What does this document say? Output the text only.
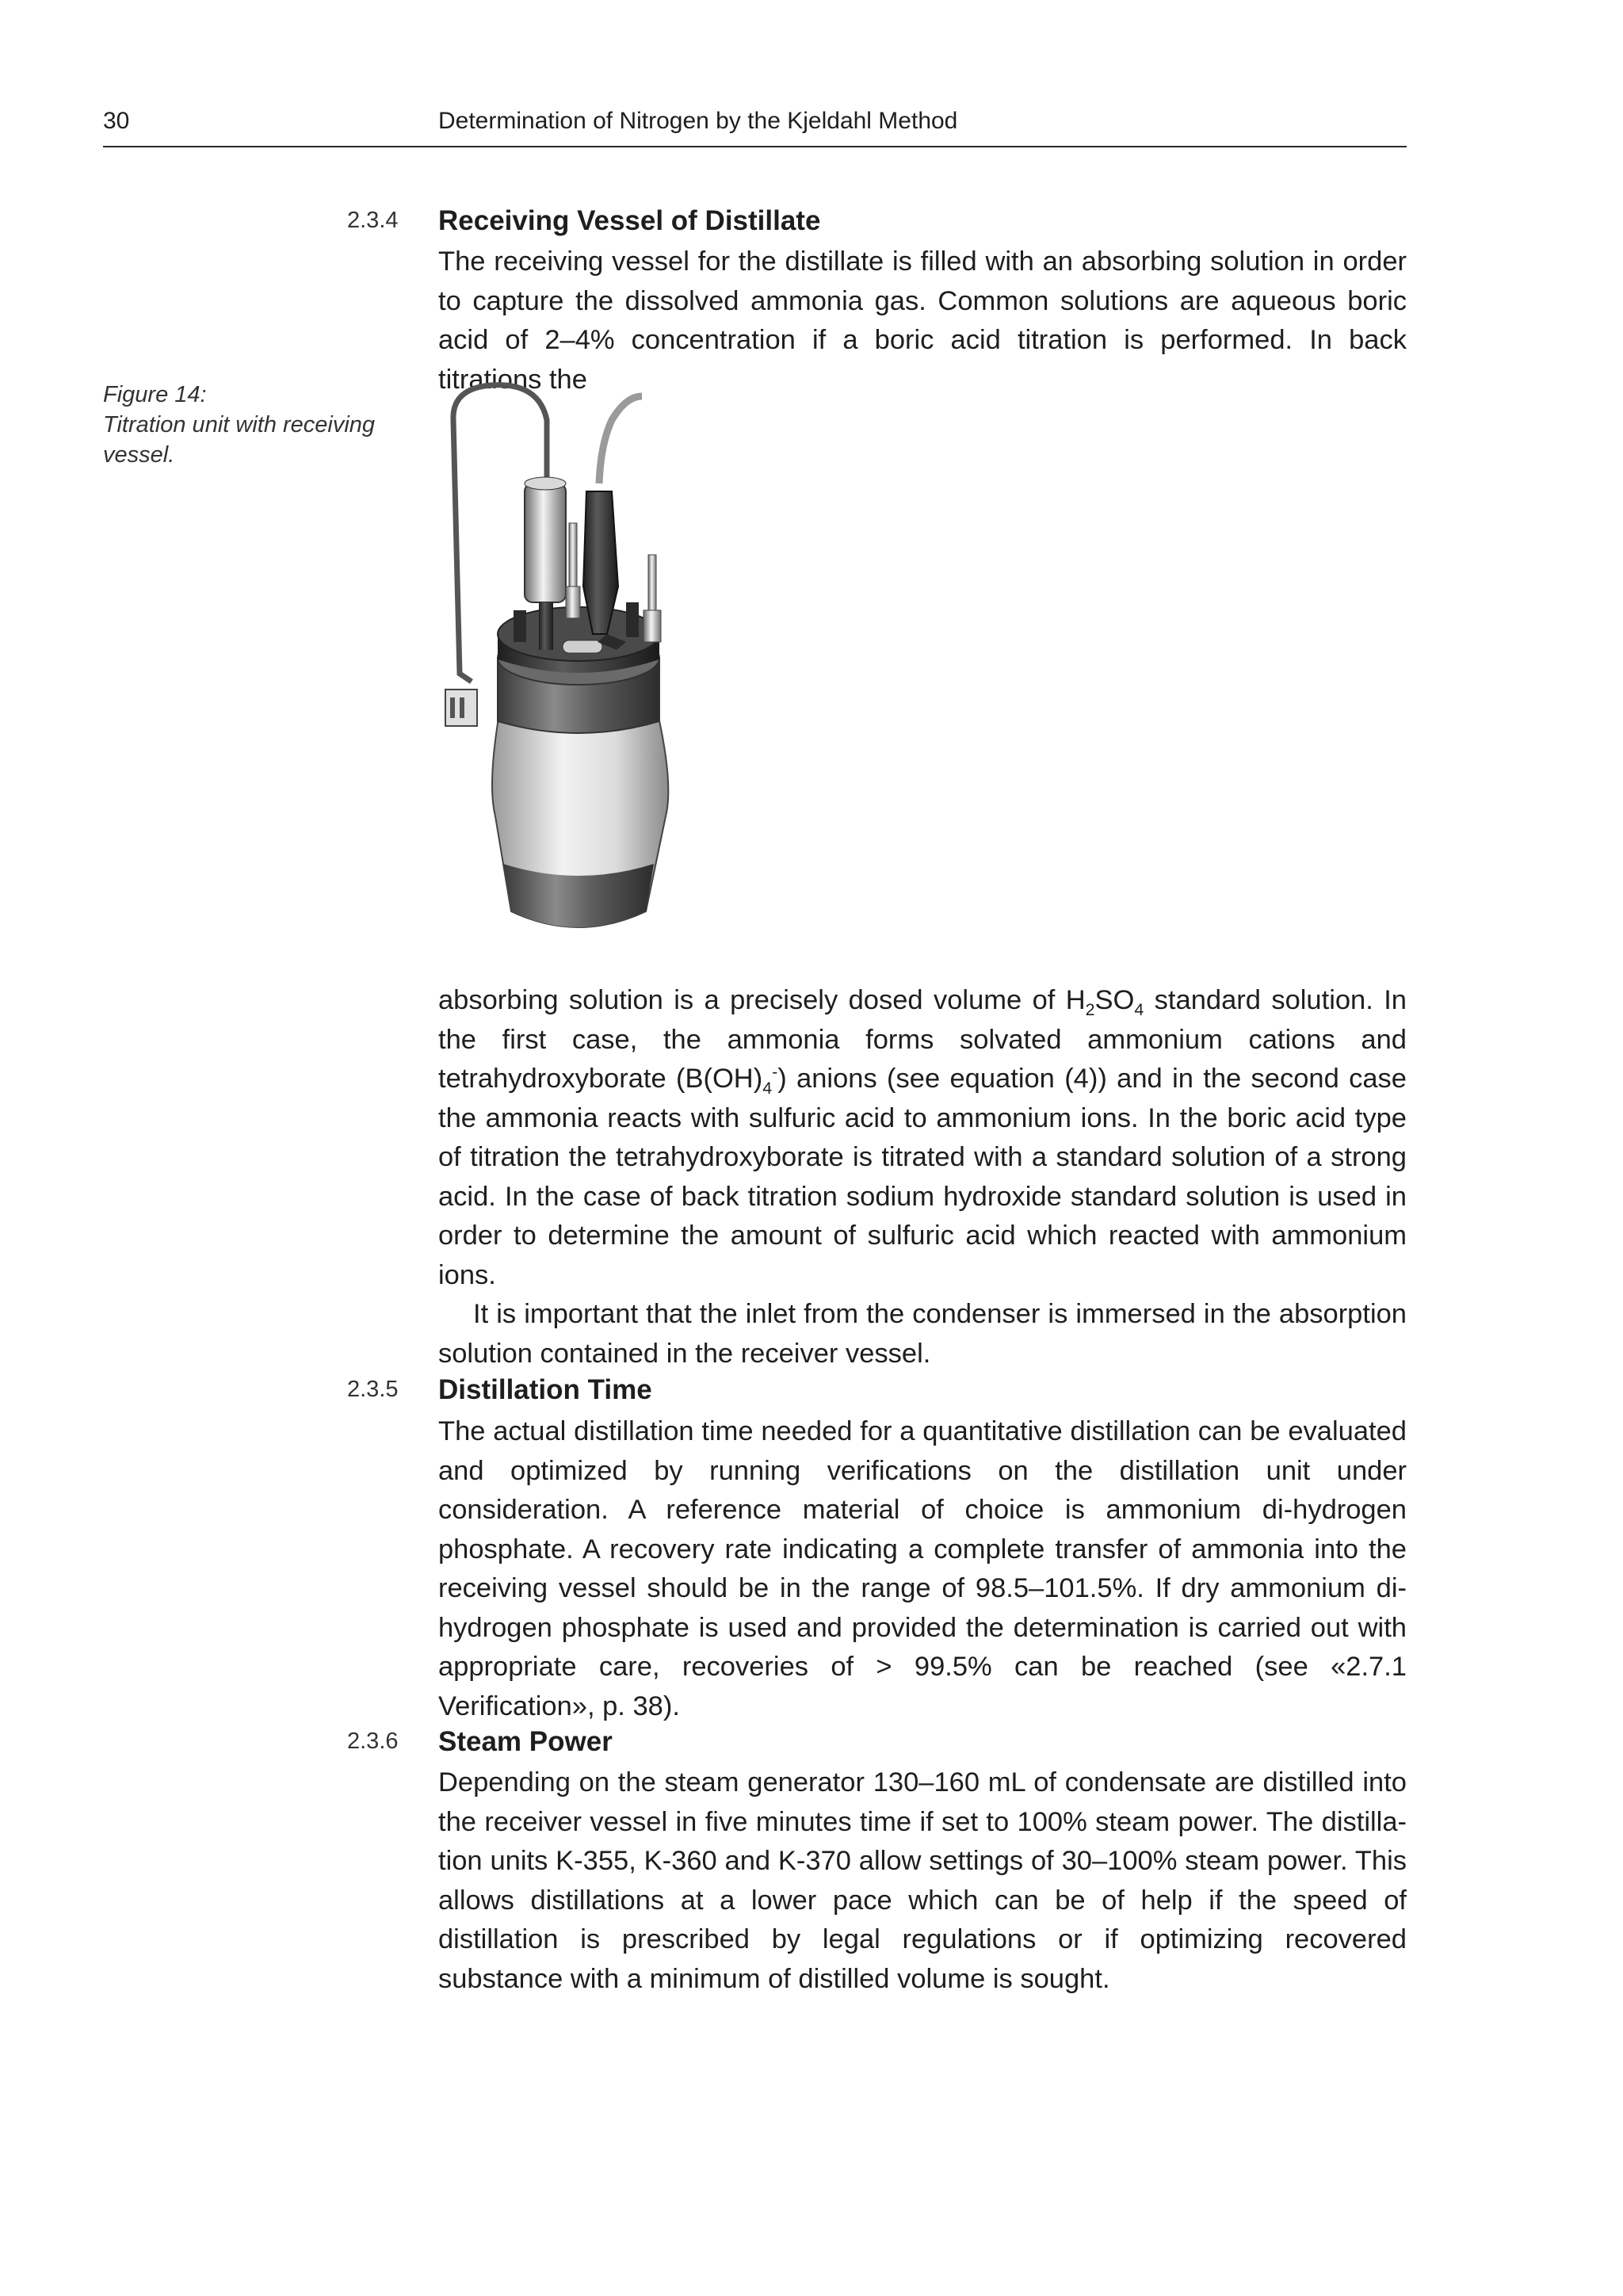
30	Determination of Nitrogen by the Kjeldahl Method
2.3.4 Receiving Vessel of Distillate

The receiving vessel for the distillate is filled with an absorbing solution in order to capture the dissolved ammonia gas. Common solutions are aqueous boric acid of 2–4% concentration if a boric acid titration is performed. In back titrations the

Figure 14:
Titration unit with receiving vessel.

absorbing solution is a precisely dosed volume of $H_2SO_4$ standard solution. In the first case, the ammonia forms solvated ammonium cations and tetrahydroxyborate $(B(OH)_4^-)$ anions (see equation (4)) and in the second case the ammonia reacts with sulfuric acid to ammonium ions. In the boric acid type of titration the tetrahydroxyborate is titrated with a standard solution of a strong acid. In the case of back titration sodium hydroxide standard solution is used in order to determine the amount of sulfuric acid which reacted with ammonium ions.

It is important that the inlet from the condenser is immersed in the absorption solution contained in the receiver vessel.

2.3.5 Distillation Time

The actual distillation time needed for a quantitative distillation can be evaluated and optimized by running verifications on the distillation unit under consideration. A reference material of choice is ammonium di-hydrogen phosphate. A recovery rate indicating a complete transfer of ammonia into the receiving vessel should be in the range of 98.5–101.5%. If dry ammonium di-hydrogen phosphate is used and provided the determination is carried out with appropriate care, recoveries of > 99.5% can be reached (see «2.7.1 Verification», p. 38).

2.3.6 Steam Power

Depending on the steam generator 130–160 mL of condensate are distilled into the receiver vessel in five minutes time if set to 100% steam power. The distillation units K-355, K-360 and K-370 allow settings of 30–100% steam power. This allows distillations at a lower pace which can be of help if the speed of distillation is prescribed by legal regulations or if optimizing recovered substance with a minimum of distilled volume is sought.
